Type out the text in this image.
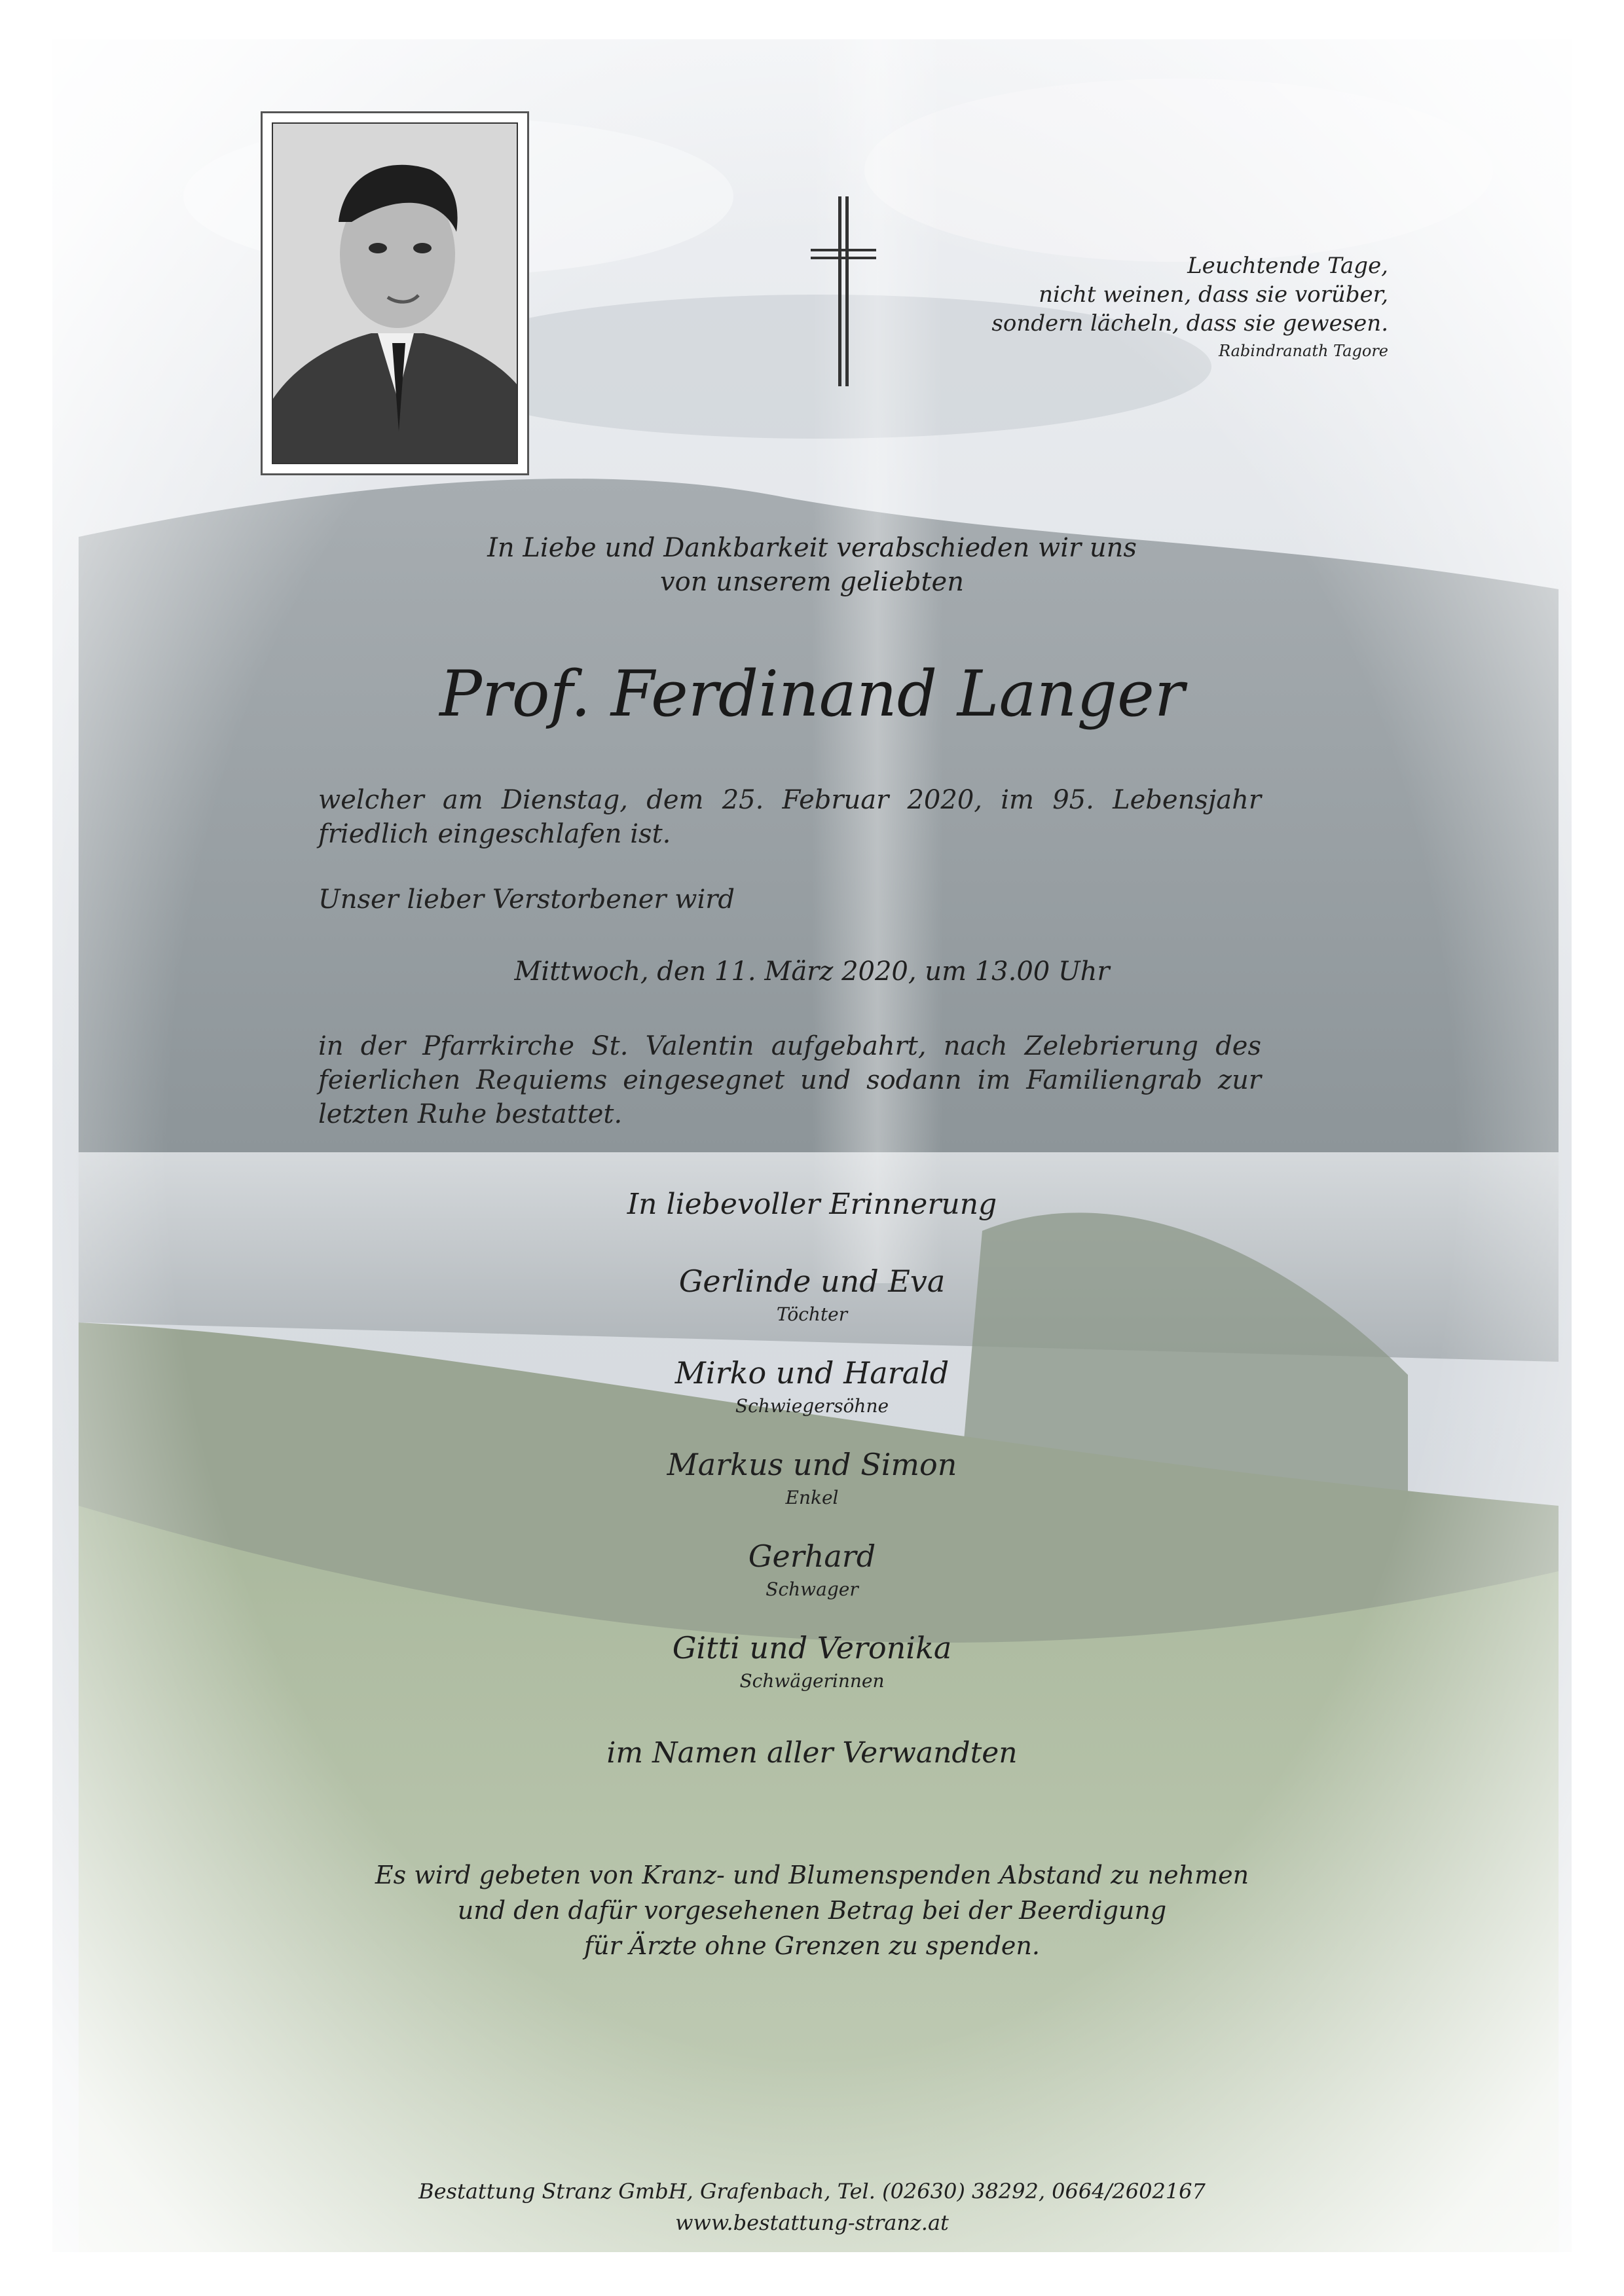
Leuchtende Tage,
nicht weinen, dass sie vorüber,
sondern lächeln, dass sie gewesen.
Rabindranath Tagore
In Liebe und Dankbarkeit verabschieden wir uns
von unserem geliebten
Prof. Ferdinand Langer
welcher am Dienstag, dem 25. Februar 2020, im 95. Lebensjahr friedlich eingeschlafen ist.
Unser lieber Verstorbener wird
Mittwoch, den 11. März 2020, um 13.00 Uhr
in der Pfarrkirche St. Valentin aufgebahrt, nach Zelebrierung des feierlichen Requiems eingesegnet und sodann im Familiengrab zur letzten Ruhe bestattet.
In liebevoller Erinnerung
Gerlinde und Eva
Töchter
Mirko und Harald
Schwiegersöhne
Markus und Simon
Enkel
Gerhard
Schwager
Gitti und Veronika
Schwägerinnen
im Namen aller Verwandten
Es wird gebeten von Kranz- und Blumenspenden Abstand zu nehmen
und den dafür vorgesehenen Betrag bei der Beerdigung
für Ärzte ohne Grenzen zu spenden.
Bestattung Stranz GmbH, Grafenbach, Tel. (02630) 38292, 0664/2602167
www.bestattung-stranz.at
